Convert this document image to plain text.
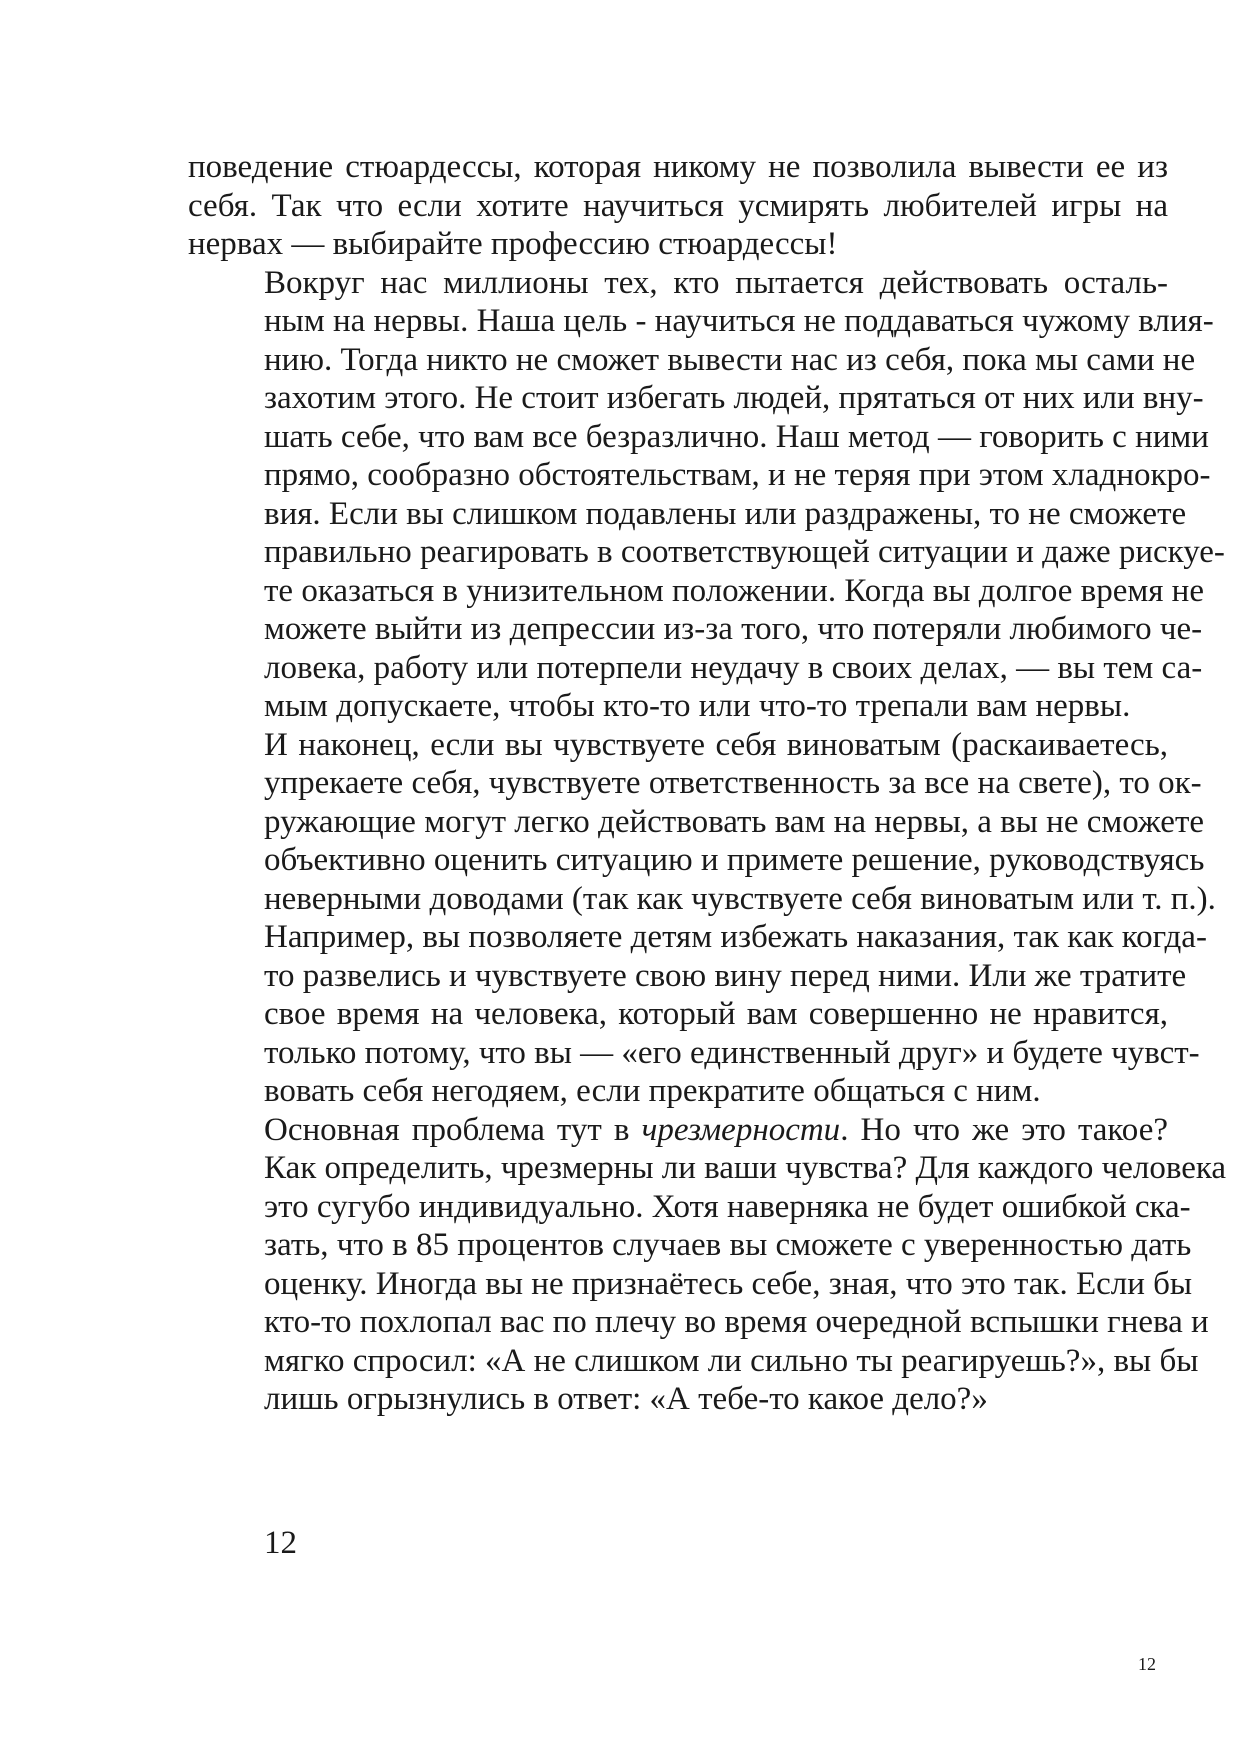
поведение стюардессы, которая никому не позволила вывести ее из
себя. Так что если хотите научиться усмирять любителей игры на
нервах — выбирайте профессию стюардессы!

Вокруг нас миллионы тех, кто пытается действовать осталь-
ным на нервы. Наша цель - научиться не поддаваться чужому влия-
нию. Тогда никто не сможет вывести нас из себя, пока мы сами не
захотим этого. Не стоит избегать людей, прятаться от них или вну-
шать себе, что вам все безразлично. Наш метод — говорить с ними
прямо, сообразно обстоятельствам, и не теряя при этом хладнокро-
вия. Если вы слишком подавлены или раздражены, то не сможете
правильно реагировать в соответствующей ситуации и даже рискуе-
те оказаться в унизительном положении. Когда вы долгое время не
можете выйти из депрессии из-за того, что потеряли любимого че-
ловека, работу или потерпели неудачу в своих делах, — вы тем са-
мым допускаете, чтобы кто-то или что-то трепали вам нервы.

И наконец, если вы чувствуете себя виноватым (раскаиваетесь,
упрекаете себя, чувствуете ответственность за все на свете), то ок-
ружающие могут легко действовать вам на нервы, а вы не сможете
объективно оценить ситуацию и примете решение, руководствуясь
неверными доводами (так как чувствуете себя виноватым или т. п.).
Например, вы позволяете детям избежать наказания, так как когда-
то развелись и чувствуете свою вину перед ними. Или же тратите
свое время на человека, который вам совершенно не нравится,
только потому, что вы — «его единственный друг» и будете чувст-
вовать себя негодяем, если прекратите общаться с ним.

Основная проблема тут в чрезмерности. Но что же это такое?
Как определить, чрезмерны ли ваши чувства? Для каждого человека
это сугубо индивидуально. Хотя наверняка не будет ошибкой ска-
зать, что в 85 процентов случаев вы сможете с уверенностью дать
оценку. Иногда вы не признаётесь себе, зная, что это так. Если бы
кто-то похлопал вас по плечу во время очередной вспышки гнева и
мягко спросил: «А не слишком ли сильно ты реагируешь?», вы бы
лишь огрызнулись в ответ: «А тебе-то какое дело?»

12
12
